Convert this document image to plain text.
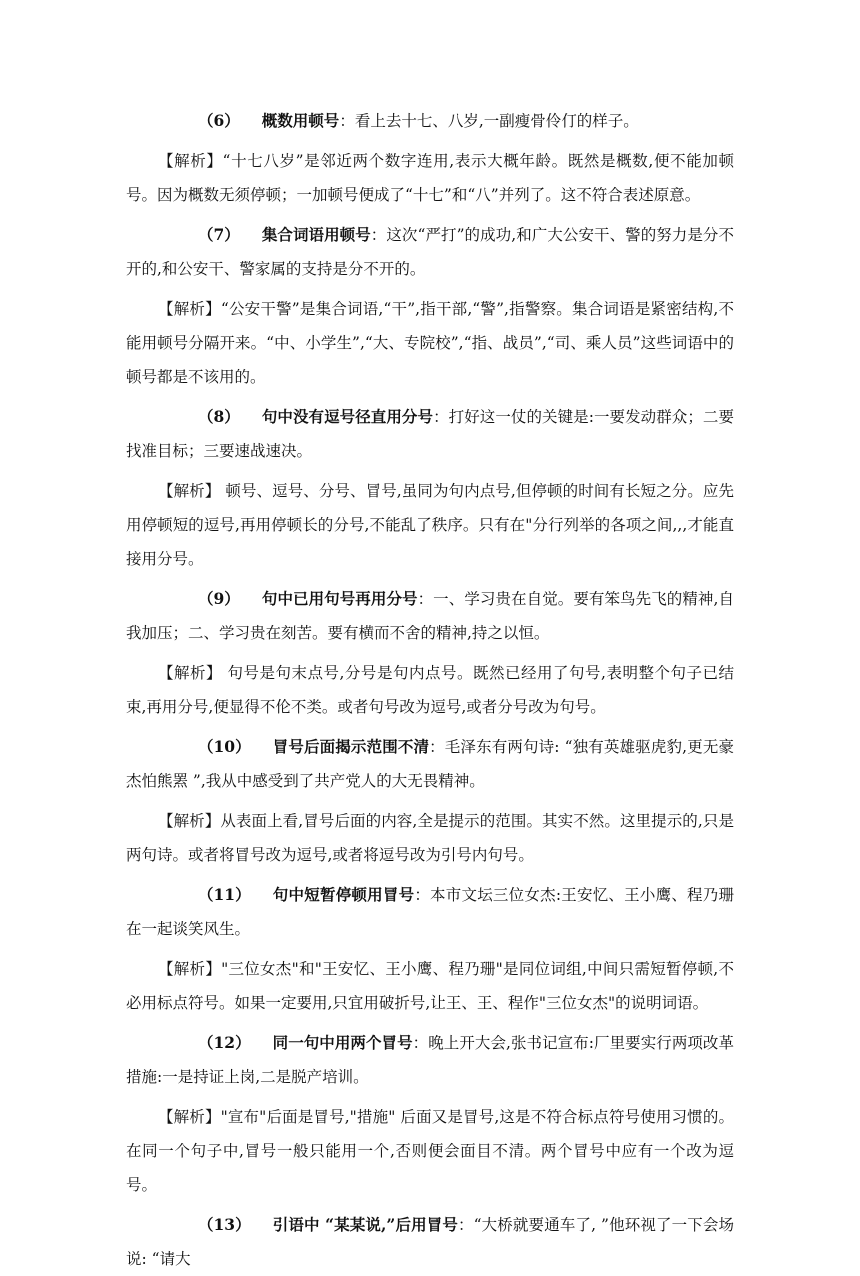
（6） 概数用顿号：看上去十七、八岁,一副瘦骨伶仃的样子。

【解析】“十七八岁”是邻近两个数字连用,表示大概年龄。既然是概数,便不能加顿号。因为概数无须停顿；一加顿号便成了“十七”和“八”并列了。这不符合表述原意。

（7） 集合词语用顿号：这次“严打”的成功,和广大公安干、警的努力是分不开的,和公安干、警家属的支持是分不开的。

【解析】“公安干警”是集合词语,“干”,指干部,“警”,指警察。集合词语是紧密结构,不能用顿号分隔开来。“中、小学生”,“大、专院校”,“指、战员”,“司、乘人员”这些词语中的顿号都是不该用的。

（8） 句中没有逗号径直用分号：打好这一仗的关键是:一要发动群众；二要找准目标；三要速战速决。

【解析】 顿号、逗号、分号、冒号,虽同为句内点号,但停顿的时间有长短之分。应先用停顿短的逗号,再用停顿长的分号,不能乱了秩序。只有在"分行列举的各项之间,,,才能直接用分号。

（9） 句中已用句号再用分号：一、学习贵在自觉。要有笨鸟先飞的精神,自我加压；二、学习贵在刻苦。要有横而不舍的精神,持之以恒。

【解析】 句号是句末点号,分号是句内点号。既然已经用了句号,表明整个句子已结束,再用分号,便显得不伦不类。或者句号改为逗号,或者分号改为句号。

（10） 冒号后面揭示范围不清：毛泽东有两句诗: “独有英雄驱虎豹,更无豪杰怕熊罴 ”,我从中感受到了共产党人的大无畏精神。

【解析】从表面上看,冒号后面的内容,全是提示的范围。其实不然。这里提示的,只是两句诗。或者将冒号改为逗号,或者将逗号改为引号内句号。

（11） 句中短暂停顿用冒号：本市文坛三位女杰:王安忆、王小鹰、程乃珊在一起谈笑风生。

【解析】"三位女杰"和"王安忆、王小鹰、程乃珊"是同位词组,中间只需短暂停顿,不必用标点符号。如果一定要用,只宜用破折号,让王、王、程作"三位女杰"的说明词语。

（12） 同一句中用两个冒号：晚上开大会,张书记宣布:厂里要实行两项改革措施:一是持证上岗,二是脱产培训。

【解析】"宣布"后面是冒号,"措施" 后面又是冒号,这是不符合标点符号使用习惯的。在同一个句子中,冒号一般只能用一个,否则便会面目不清。两个冒号中应有一个改为逗号。

（13） 引语中 “某某说,”后用冒号：“大桥就要通车了, ”他环视了一下会场说: “请大
